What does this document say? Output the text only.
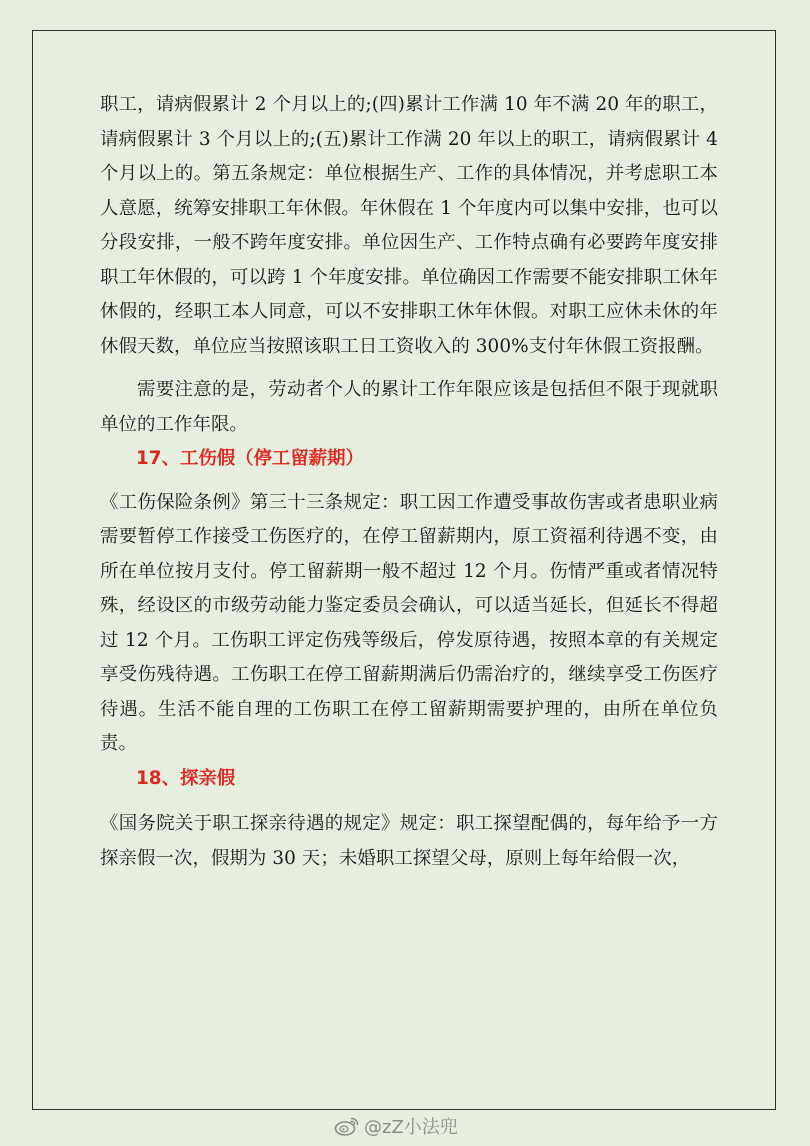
职工，请病假累计 2 个月以上的;(四)累计工作满 10 年不满 20 年的职工，请病假累计 3 个月以上的;(五)累计工作满 20 年以上的职工，请病假累计 4 个月以上的。第五条规定：单位根据生产、工作的具体情况，并考虑职工本人意愿，统筹安排职工年休假。年休假在 1 个年度内可以集中安排，也可以分段安排，一般不跨年度安排。单位因生产、工作特点确有必要跨年度安排职工年休假的，可以跨 1 个年度安排。单位确因工作需要不能安排职工休年休假的，经职工本人同意，可以不安排职工休年休假。对职工应休未休的年休假天数，单位应当按照该职工日工资收入的 300%支付年休假工资报酬。

需要注意的是，劳动者个人的累计工作年限应该是包括但不限于现就职单位的工作年限。

17、工伤假（停工留薪期）

《工伤保险条例》第三十三条规定：职工因工作遭受事故伤害或者患职业病需要暂停工作接受工伤医疗的，在停工留薪期内，原工资福利待遇不变，由所在单位按月支付。停工留薪期一般不超过 12 个月。伤情严重或者情况特殊，经设区的市级劳动能力鉴定委员会确认，可以适当延长，但延长不得超过 12 个月。工伤职工评定伤残等级后，停发原待遇，按照本章的有关规定享受伤残待遇。工伤职工在停工留薪期满后仍需治疗的，继续享受工伤医疗待遇。生活不能自理的工伤职工在停工留薪期需要护理的，由所在单位负责。

18、探亲假

《国务院关于职工探亲待遇的规定》规定：职工探望配偶的，每年给予一方探亲假一次，假期为 30 天；未婚职工探望父母，原则上每年给假一次，

@zZ小法兜
